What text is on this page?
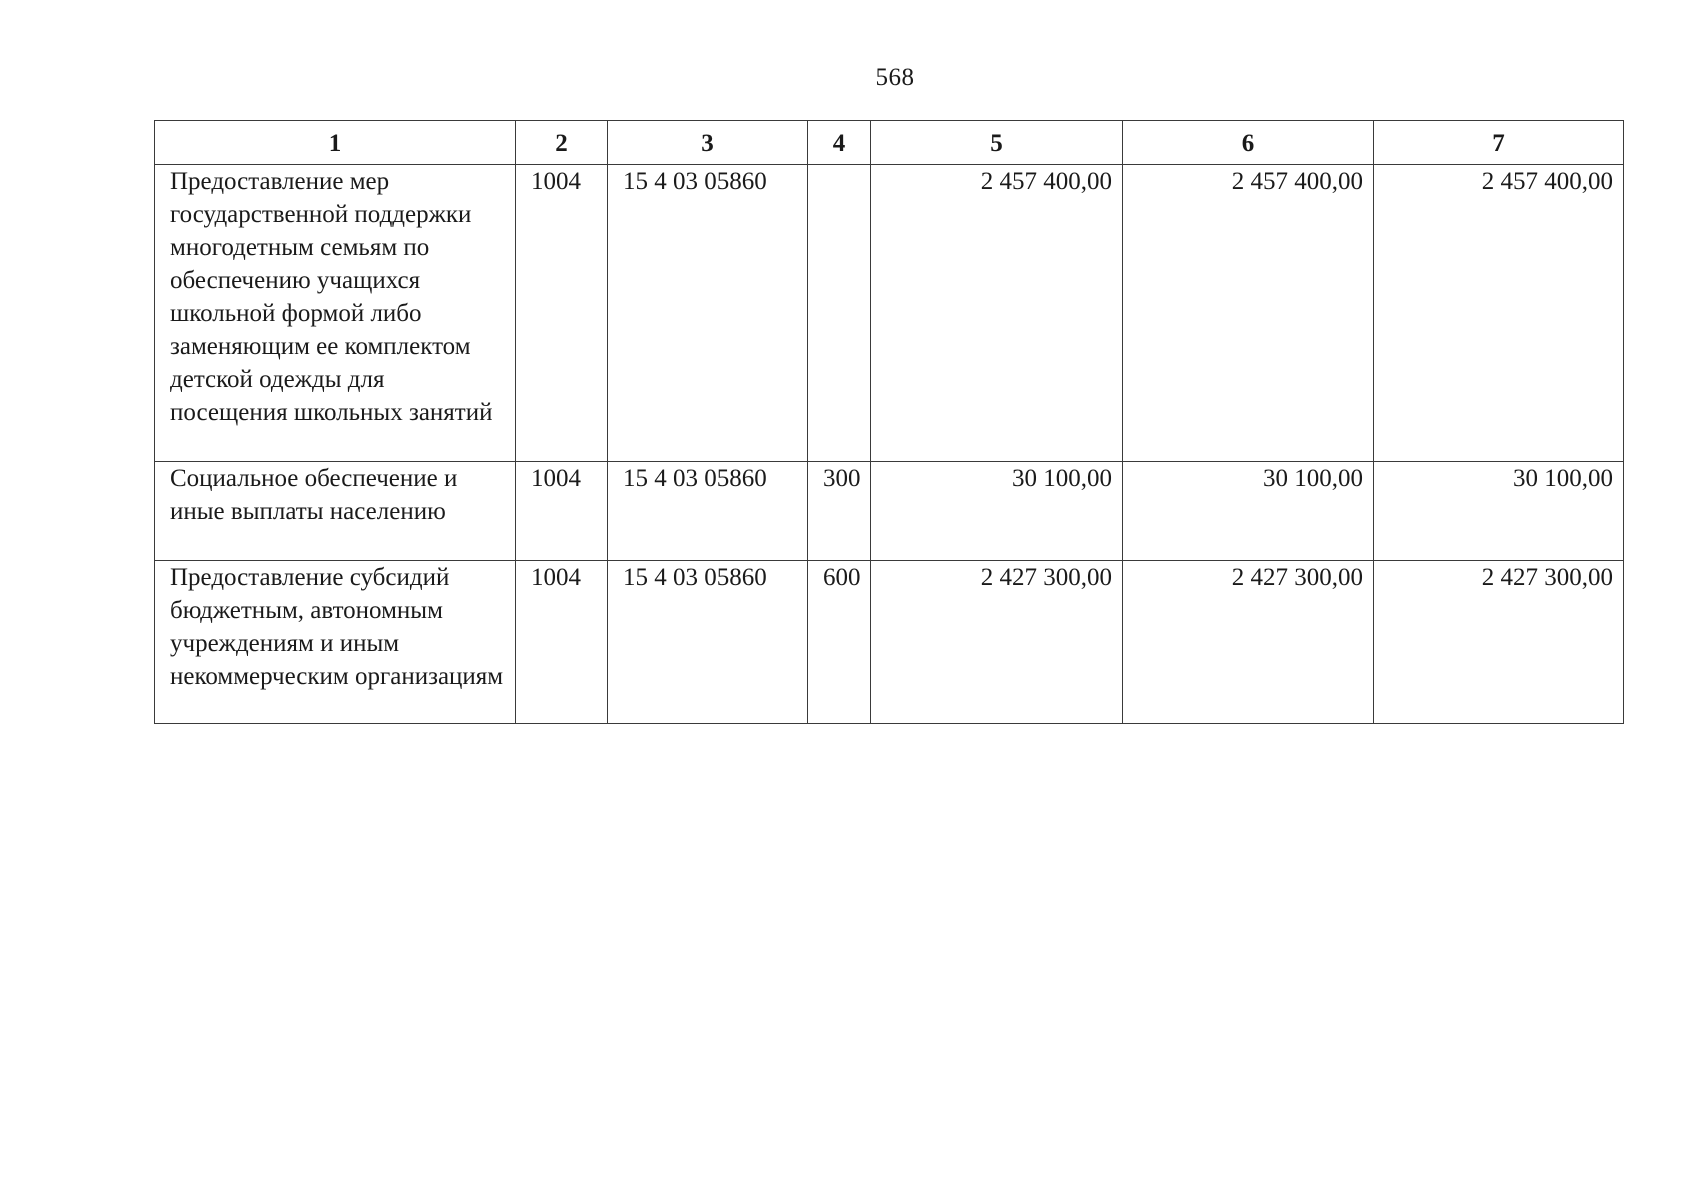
568
1	2	3	4	5	6	7
Предоставление мер государственной поддержки многодетным семьям по обеспечению учащихся школьной формой либо заменяющим ее комплектом детской одежды для посещения школьных занятий	1004	15 4 03 05860		2 457 400,00	2 457 400,00	2 457 400,00
Социальное обеспечение и иные выплаты населению	1004	15 4 03 05860	300	30 100,00	30 100,00	30 100,00
Предоставление субсидий бюджетным, автономным учреждениям и иным некоммерческим организациям	1004	15 4 03 05860	600	2 427 300,00	2 427 300,00	2 427 300,00
